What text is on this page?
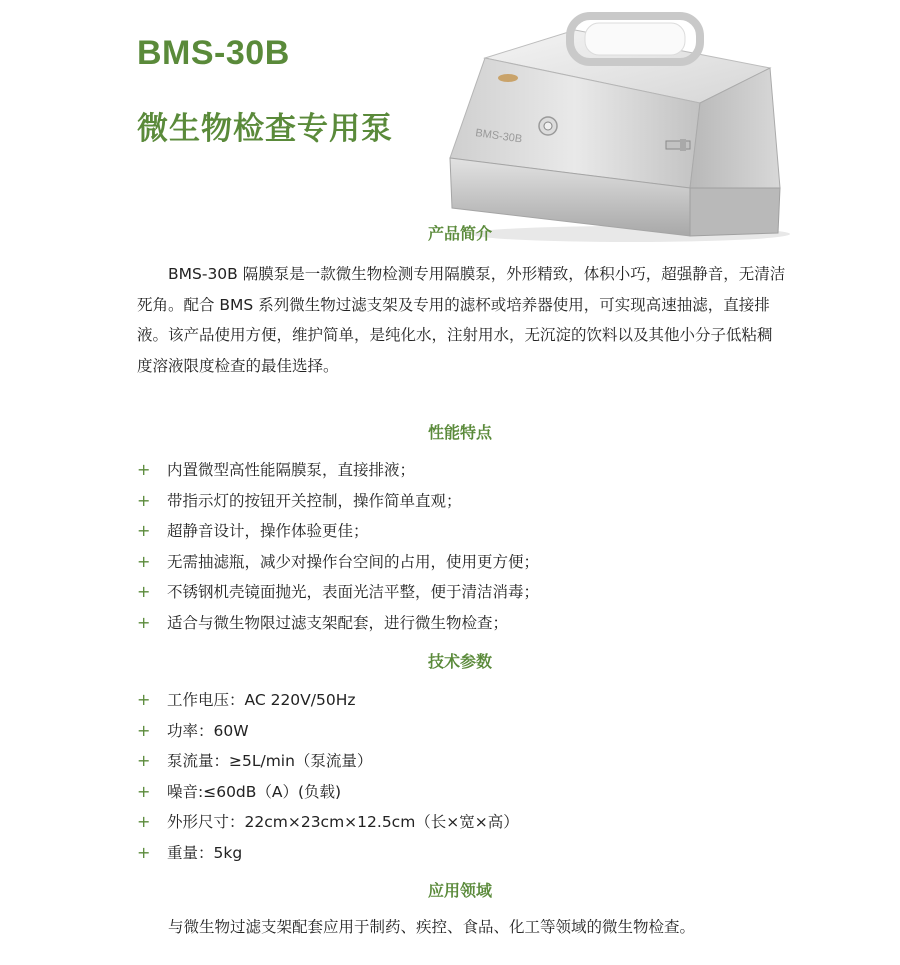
BMS-30B
微生物检查专用泵	BMS-30B
产品简介

BMS-30B 隔膜泵是一款微生物检测专用隔膜泵，外形精致，体积小巧，超强静音，无清洁死角。配合 BMS 系列微生物过滤支架及专用的滤杯或培养器使用，可实现高速抽滤，直接排液。该产品使用方便，维护简单，是纯化水，注射用水，无沉淀的饮料以及其他小分子低粘稠度溶液限度检查的最佳选择。

性能特点
+	内置微型高性能隔膜泵，直接排液；
+	带指示灯的按钮开关控制，操作简单直观；
+	超静音设计，操作体验更佳；
+	无需抽滤瓶，减少对操作台空间的占用，使用更方便；
+	不锈钢机壳镜面抛光，表面光洁平整，便于清洁消毒；
+	适合与微生物限过滤支架配套，进行微生物检查；
技术参数
+	工作电压：AC 220V/50Hz
+	功率：60W
+	泵流量：≥5L/min（泵流量）
+	噪音:≤60dB（A）(负载)
+	外形尺寸：22cm×23cm×12.5cm（长×宽×高）
+	重量：5kg
应用领域

与微生物过滤支架配套应用于制药、疾控、食品、化工等领域的微生物检查。
